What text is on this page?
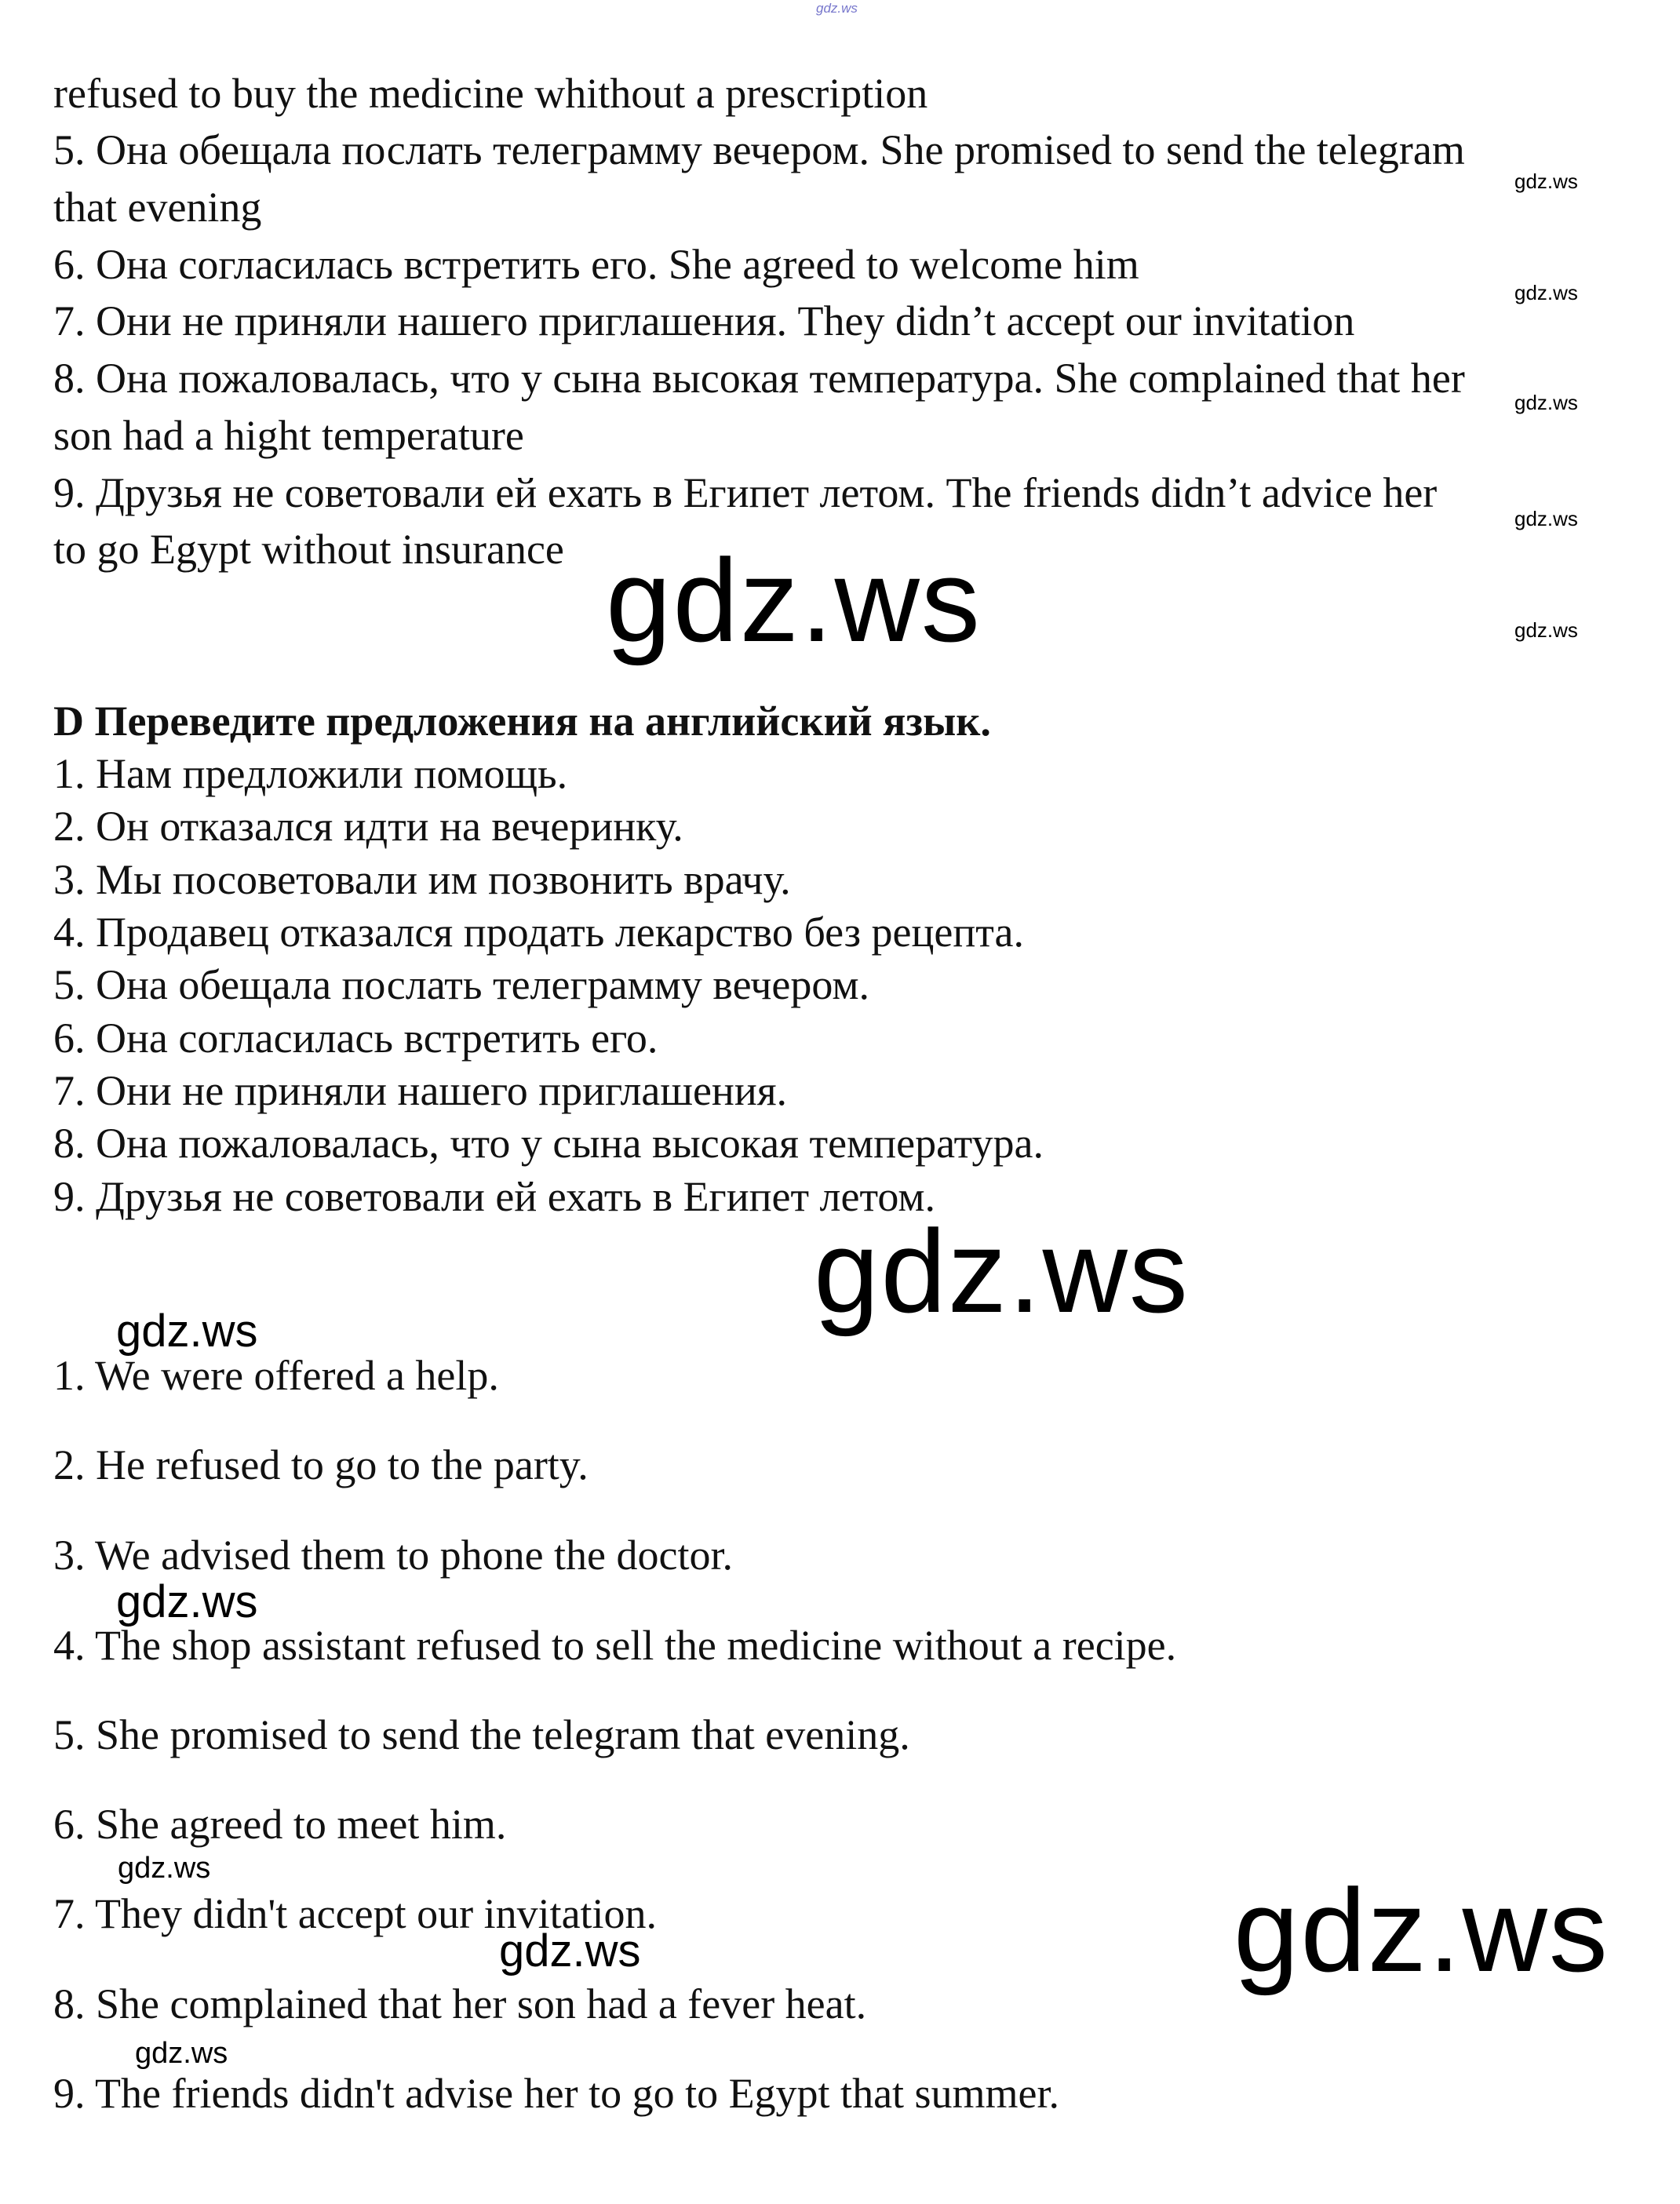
gdz.ws
refused to buy the medicine whithout a prescription
5. Она обещала послать телеграмму вечером. She promised to send the telegram
that evening
6. Она согласилась встретить его. She agreed to welcome him
7. Они не приняли нашего приглашения. They didn’t accept our invitation
8. Она пожаловалась, что у сына высокая температура. She complained that her
son had a hight temperature
9. Друзья не советовали ей ехать в Египет летом. The friends didn’t advice her
to go Egypt without insurance
gdz.ws
gdz.ws
gdz.ws
gdz.ws
gdz.ws
gdz.ws
D Переведите предложения на английский язык.
1. Нам предложили помощь.
2. Он отказался идти на вечеринку.
3. Мы посоветовали им позвонить врачу.
4. Продавец отказался продать лекарство без рецепта.
5. Она обещала послать телеграмму вечером.
6. Она согласилась встретить его.
7. Они не приняли нашего приглашения.
8. Она пожаловалась, что у сына высокая температура.
9. Друзья не советовали ей ехать в Египет летом.
gdz.ws
gdz.ws
1. We were offered a help.
2. He refused to go to the party.
3. We advised them to phone the doctor.
gdz.ws
4. The shop assistant refused to sell the medicine without a recipe.
5. She promised to send the telegram that evening.
6. She agreed to meet him.
gdz.ws
7. They didn't accept our invitation.
gdz.ws	gdz.ws
8. She complained that her son had a fever heat.
gdz.ws
9. The friends didn't advise her to go to Egypt that summer.
